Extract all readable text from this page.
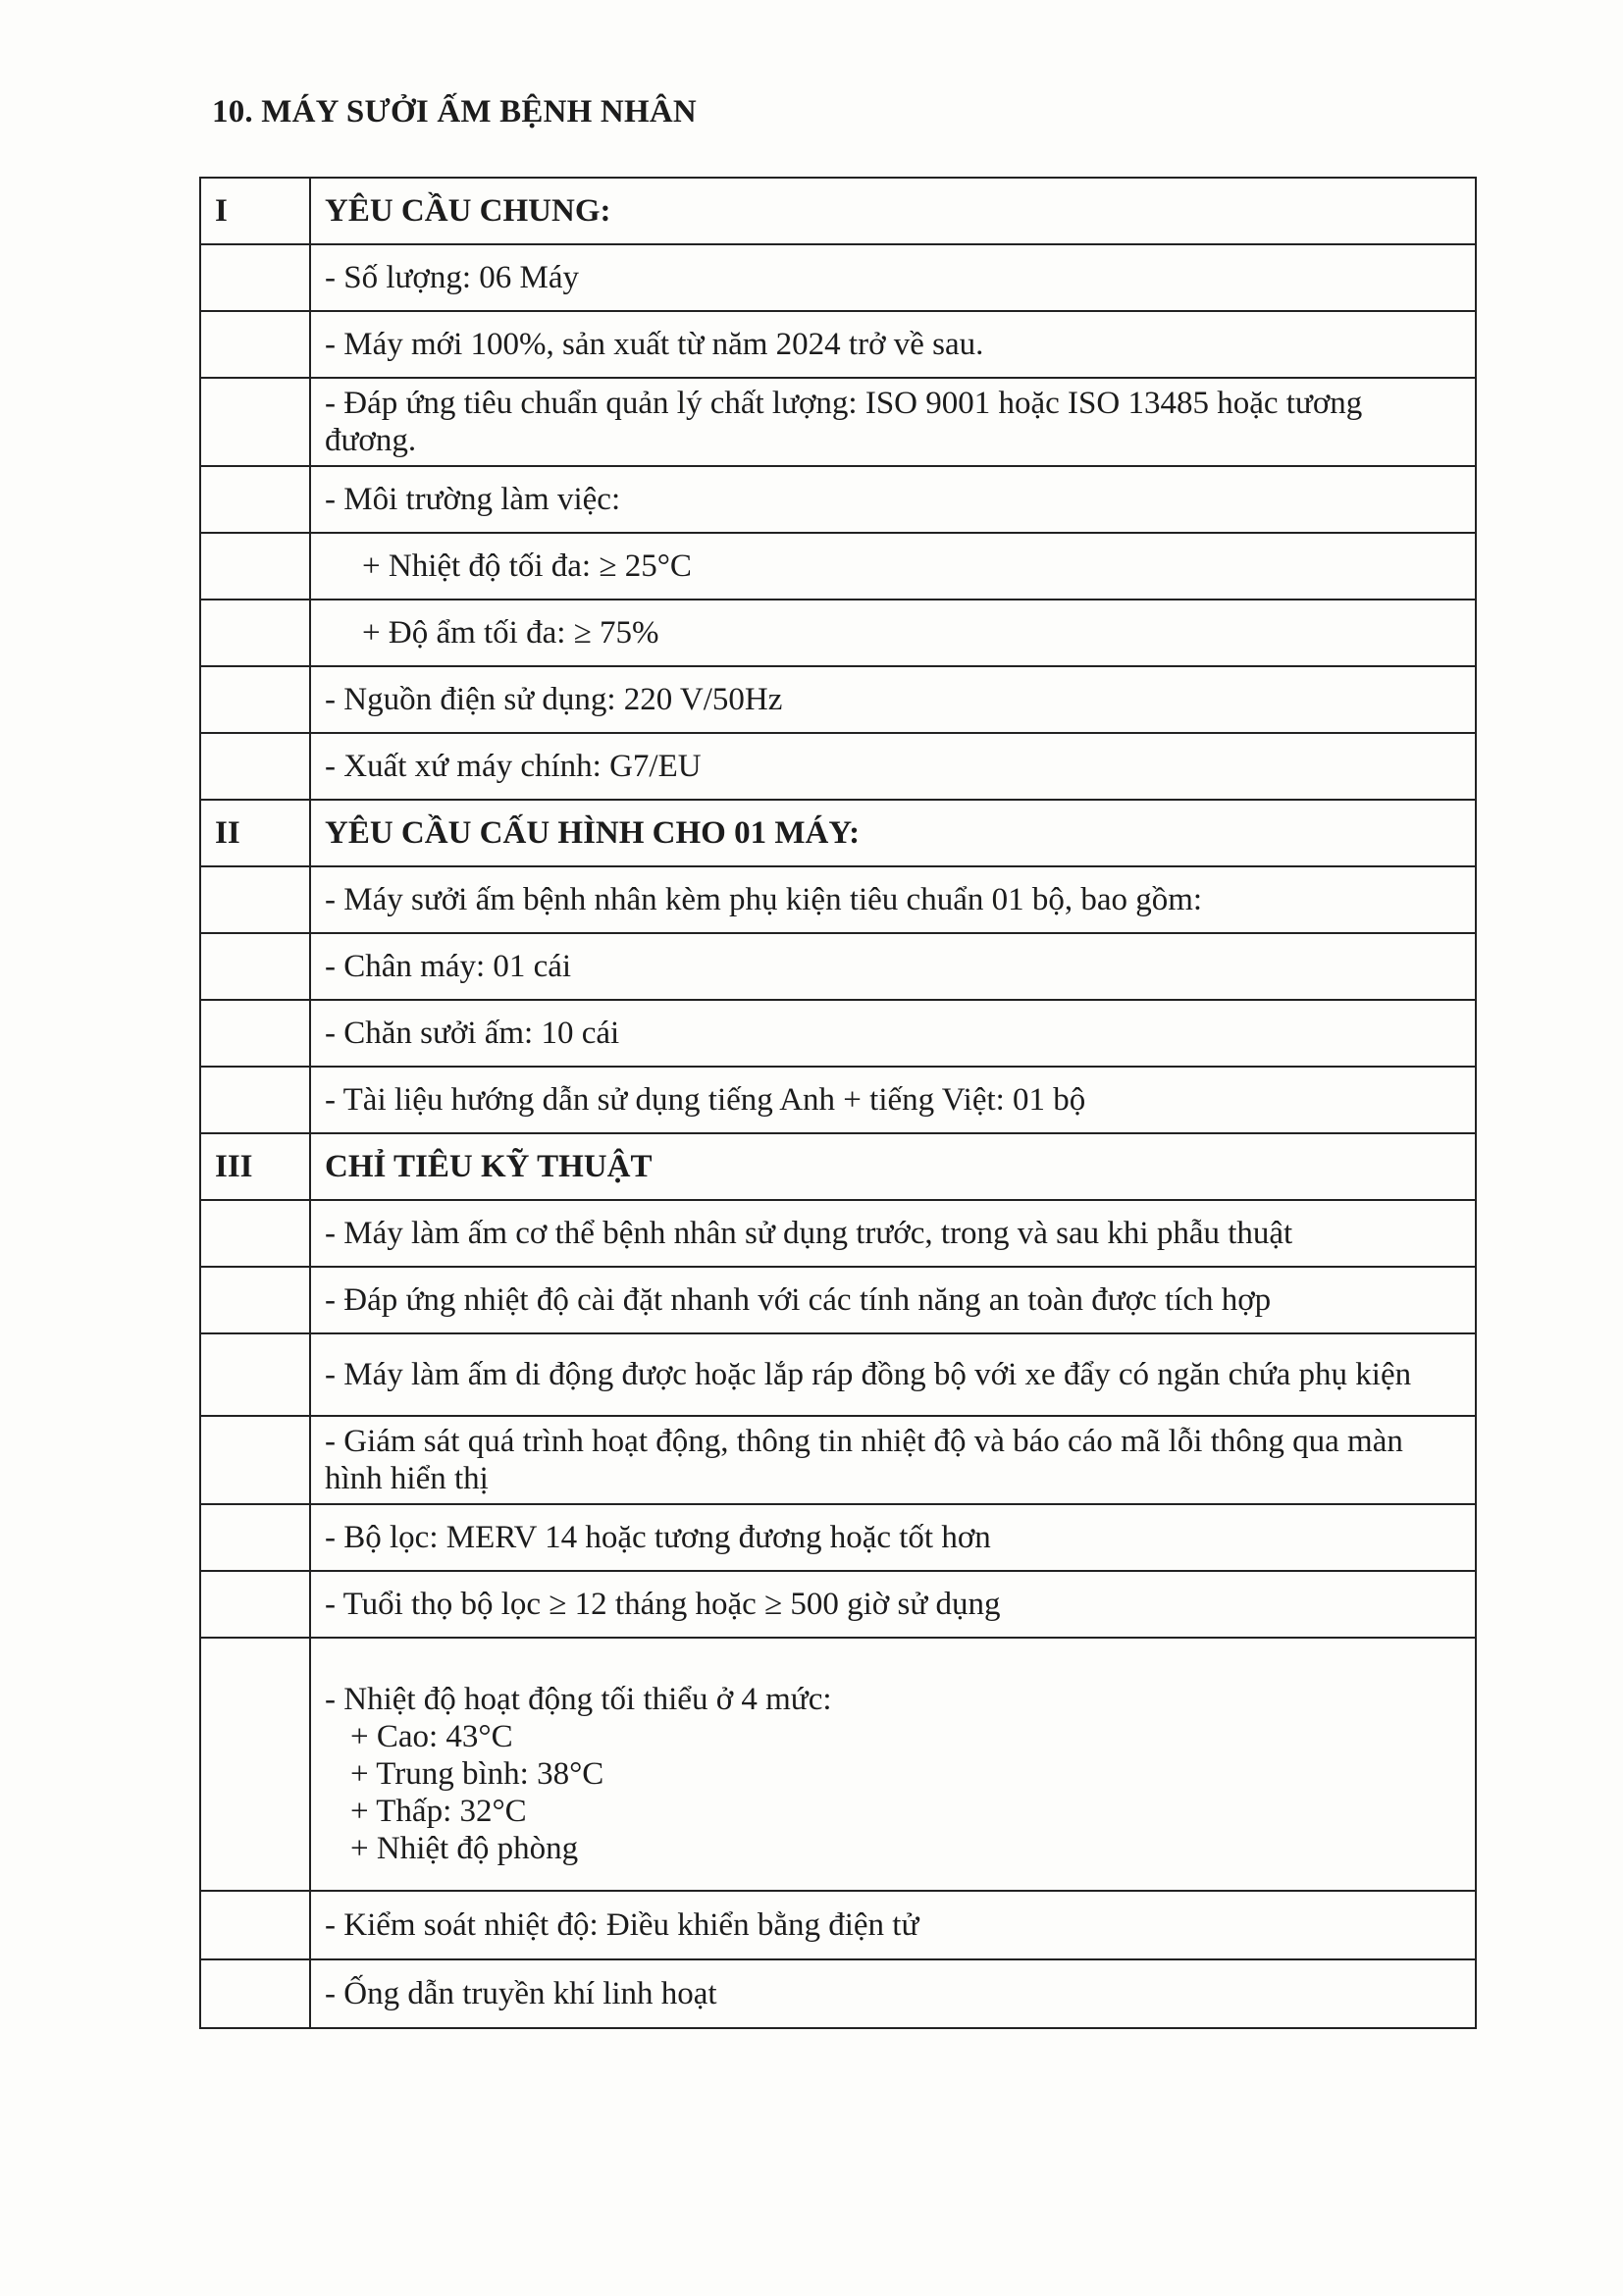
10. MÁY SƯỞI ẤM BỆNH NHÂN
I	YÊU CẦU CHUNG:
	- Số lượng: 06 Máy
	- Máy mới 100%, sản xuất từ năm 2024 trở về sau.
	- Đáp ứng tiêu chuẩn quản lý chất lượng: ISO 9001 hoặc ISO 13485 hoặc tương đương.
	- Môi trường làm việc:
	+ Nhiệt độ tối đa: ≥ 25°C
	+ Độ ẩm tối đa: ≥ 75%
	- Nguồn điện sử dụng: 220 V/50Hz
	- Xuất xứ máy chính: G7/EU
II	YÊU CẦU CẤU HÌNH CHO 01 MÁY:
	- Máy sưởi ấm bệnh nhân kèm phụ kiện tiêu chuẩn 01 bộ, bao gồm:
	- Chân máy: 01 cái
	- Chăn sưởi ấm: 10 cái
	- Tài liệu hướng dẫn sử dụng tiếng Anh + tiếng Việt: 01 bộ
III	CHỈ TIÊU KỸ THUẬT
	- Máy làm ấm cơ thể bệnh nhân sử dụng trước, trong và sau khi phẫu thuật
	- Đáp ứng nhiệt độ cài đặt nhanh với các tính năng an toàn được tích hợp
	- Máy làm ấm di động được hoặc lắp ráp đồng bộ với xe đẩy có ngăn chứa phụ kiện
	- Giám sát quá trình hoạt động, thông tin nhiệt độ và báo cáo mã lỗi thông qua màn hình hiển thị
	- Bộ lọc: MERV 14 hoặc tương đương hoặc tốt hơn
	- Tuổi thọ bộ lọc ≥ 12 tháng hoặc ≥ 500 giờ sử dụng

	- Nhiệt độ hoạt động tối thiểu ở 4 mức:
+ Cao: 43°C
+ Trung bình: 38°C
+ Thấp: 32°C
+ Nhiệt độ phòng

	- Kiểm soát nhiệt độ: Điều khiển bằng điện tử
	- Ống dẫn truyền khí linh hoạt
